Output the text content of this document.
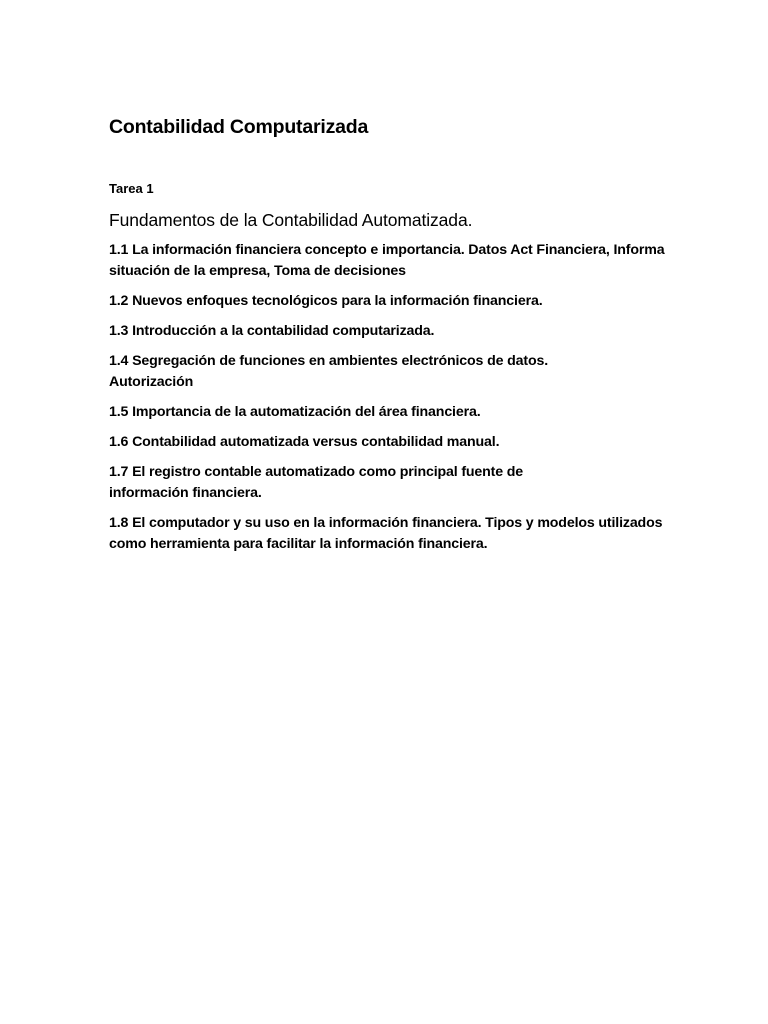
Contabilidad Computarizada
Tarea 1
Fundamentos de la Contabilidad Automatizada.
1.1 La información financiera concepto e importancia. Datos Act Financiera, Informa situación de la empresa, Toma de decisiones
1.2 Nuevos enfoques tecnológicos para la información financiera.
1.3 Introducción a la contabilidad computarizada.
1.4 Segregación de funciones en ambientes electrónicos de datos. Autorización
1.5 Importancia de la automatización del área financiera.
1.6 Contabilidad automatizada versus contabilidad manual.
1.7 El registro contable automatizado como principal fuente de información financiera.
1.8 El computador y su uso en la información financiera. Tipos y modelos utilizados como herramienta para facilitar la información financiera.
